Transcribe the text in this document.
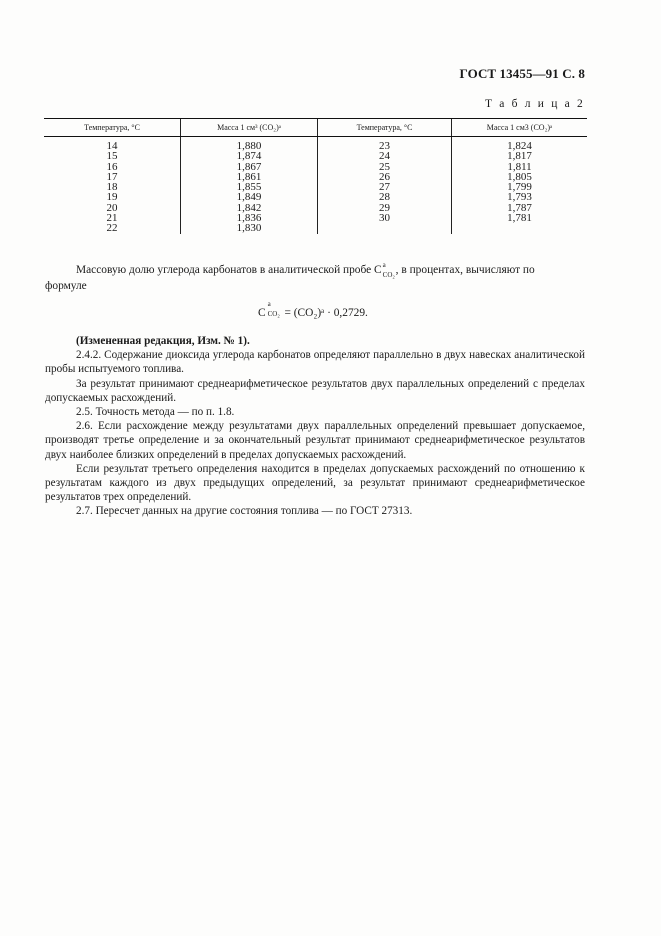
ГОСТ 13455—91 С. 8
Т а б л и ц а 2
Температура, °С	Масса 1 см³ (СО₂)ᵃ	Температура, °С	Масса 1 см3 (СО₂)ᵃ
14	1,880	23	1,824
15	1,874	24	1,817
16	1,867	25	1,811
17	1,861	26	1,805
18	1,855	27	1,799
19	1,849	28	1,793
20	1,842	29	1,787
21	1,836	30	1,781
22	1,830		
Массовую долю углерода карбонатов в аналитической пробе С a
CO₂ , в процентах, вычисляют по
формуле
C
a
CO₂ = (CO₂)ᵃ · 0,2729.

(Измененная редакция, Изм. № 1).

2.4.2. Содержание диоксида углерода карбонатов определяют параллельно в двух навесках аналитической пробы испытуемого топлива.

За результат принимают среднеарифметическое результатов двух параллельных определений с пределах допускаемых расхождений.

2.5. Точность метода — по п. 1.8.

2.6. Если расхождение между результатами двух параллельных определений превышает допускаемое, производят третье определение и за окончательный результат принимают среднеарифметическое результатов двух наиболее близких определений в пределах допускаемых расхождений.

Если результат третьего определения находится в пределах допускаемых расхождений по отношению к результатам каждого из двух предыдущих определений, за результат принимают среднеарифметическое результатов трех определений.

2.7. Пересчет данных на другие состояния топлива — по ГОСТ 27313.
